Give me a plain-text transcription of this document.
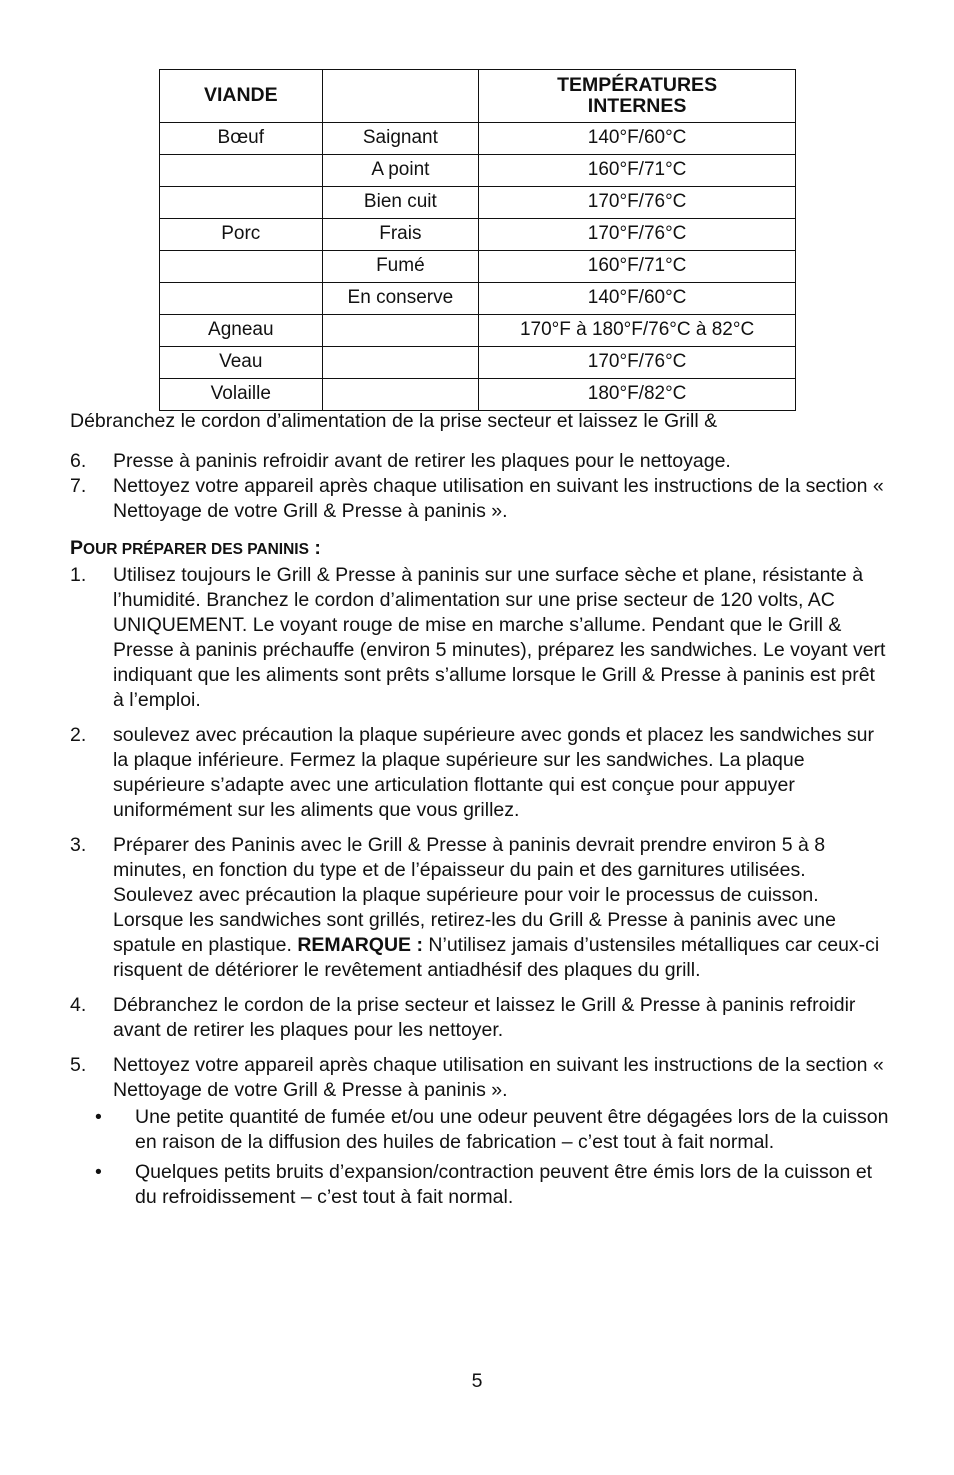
VIANDE		TEMPÉRATURES INTERNES
Bœuf	Saignant	140°F/60°C
	A point	160°F/71°C
	Bien cuit	170°F/76°C
Porc	Frais	170°F/76°C
	Fumé	160°F/71°C
	En conserve	140°F/60°C
Agneau		170°F à 180°F/76°C à 82°C
Veau		170°F/76°C
Volaille		180°F/82°C
Débranchez le cordon d’alimentation de la prise secteur et laissez le Grill &
6. Presse à paninis refroidir avant de retirer les plaques pour le nettoyage.
7. Nettoyez votre appareil après chaque utilisation en suivant les instructions de la section « Nettoyage de votre Grill & Presse à paninis ».
POUR PRÉPARER DES PANINIS :
1. Utilisez toujours le Grill & Presse à paninis sur une surface sèche et plane, résistante à l’humidité. Branchez le cordon d’alimentation sur une prise secteur de 120 volts, AC UNIQUEMENT. Le voyant rouge de mise en marche s’allume. Pendant que le Grill & Presse à paninis préchauffe (environ 5 minutes), préparez les sandwiches. Le voyant vert indiquant que les aliments sont prêts s’allume lorsque le Grill & Presse à paninis est prêt à l’emploi.
2. soulevez avec précaution la plaque supérieure avec gonds et placez les sandwiches sur la plaque inférieure. Fermez la plaque supérieure sur les sandwiches. La plaque supérieure s’adapte avec une articulation flottante qui est conçue pour appuyer uniformément sur les aliments que vous grillez.
3. Préparer des Paninis avec le Grill & Presse à paninis devrait prendre environ 5 à 8 minutes, en fonction du type et de l’épaisseur du pain et des garnitures utilisées. Soulevez avec précaution la plaque supérieure pour voir le processus de cuisson. Lorsque les sandwiches sont grillés, retirez-les du Grill & Presse à paninis avec une spatule en plastique. REMARQUE : N’utilisez jamais d’ustensiles métalliques car ceux-ci risquent de détériorer le revêtement antiadhésif des plaques du grill.
4. Débranchez le cordon de la prise secteur et laissez le Grill & Presse à paninis refroidir avant de retirer les plaques pour les nettoyer.
5. Nettoyez votre appareil après chaque utilisation en suivant les instructions de la section « Nettoyage de votre Grill & Presse à paninis ».
• Une petite quantité de fumée et/ou une odeur peuvent être dégagées lors de la cuisson en raison de la diffusion des huiles de fabrication – c’est tout à fait normal.
• Quelques petits bruits d’expansion/contraction peuvent être émis lors de la cuisson et du refroidissement – c’est tout à fait normal.
5
